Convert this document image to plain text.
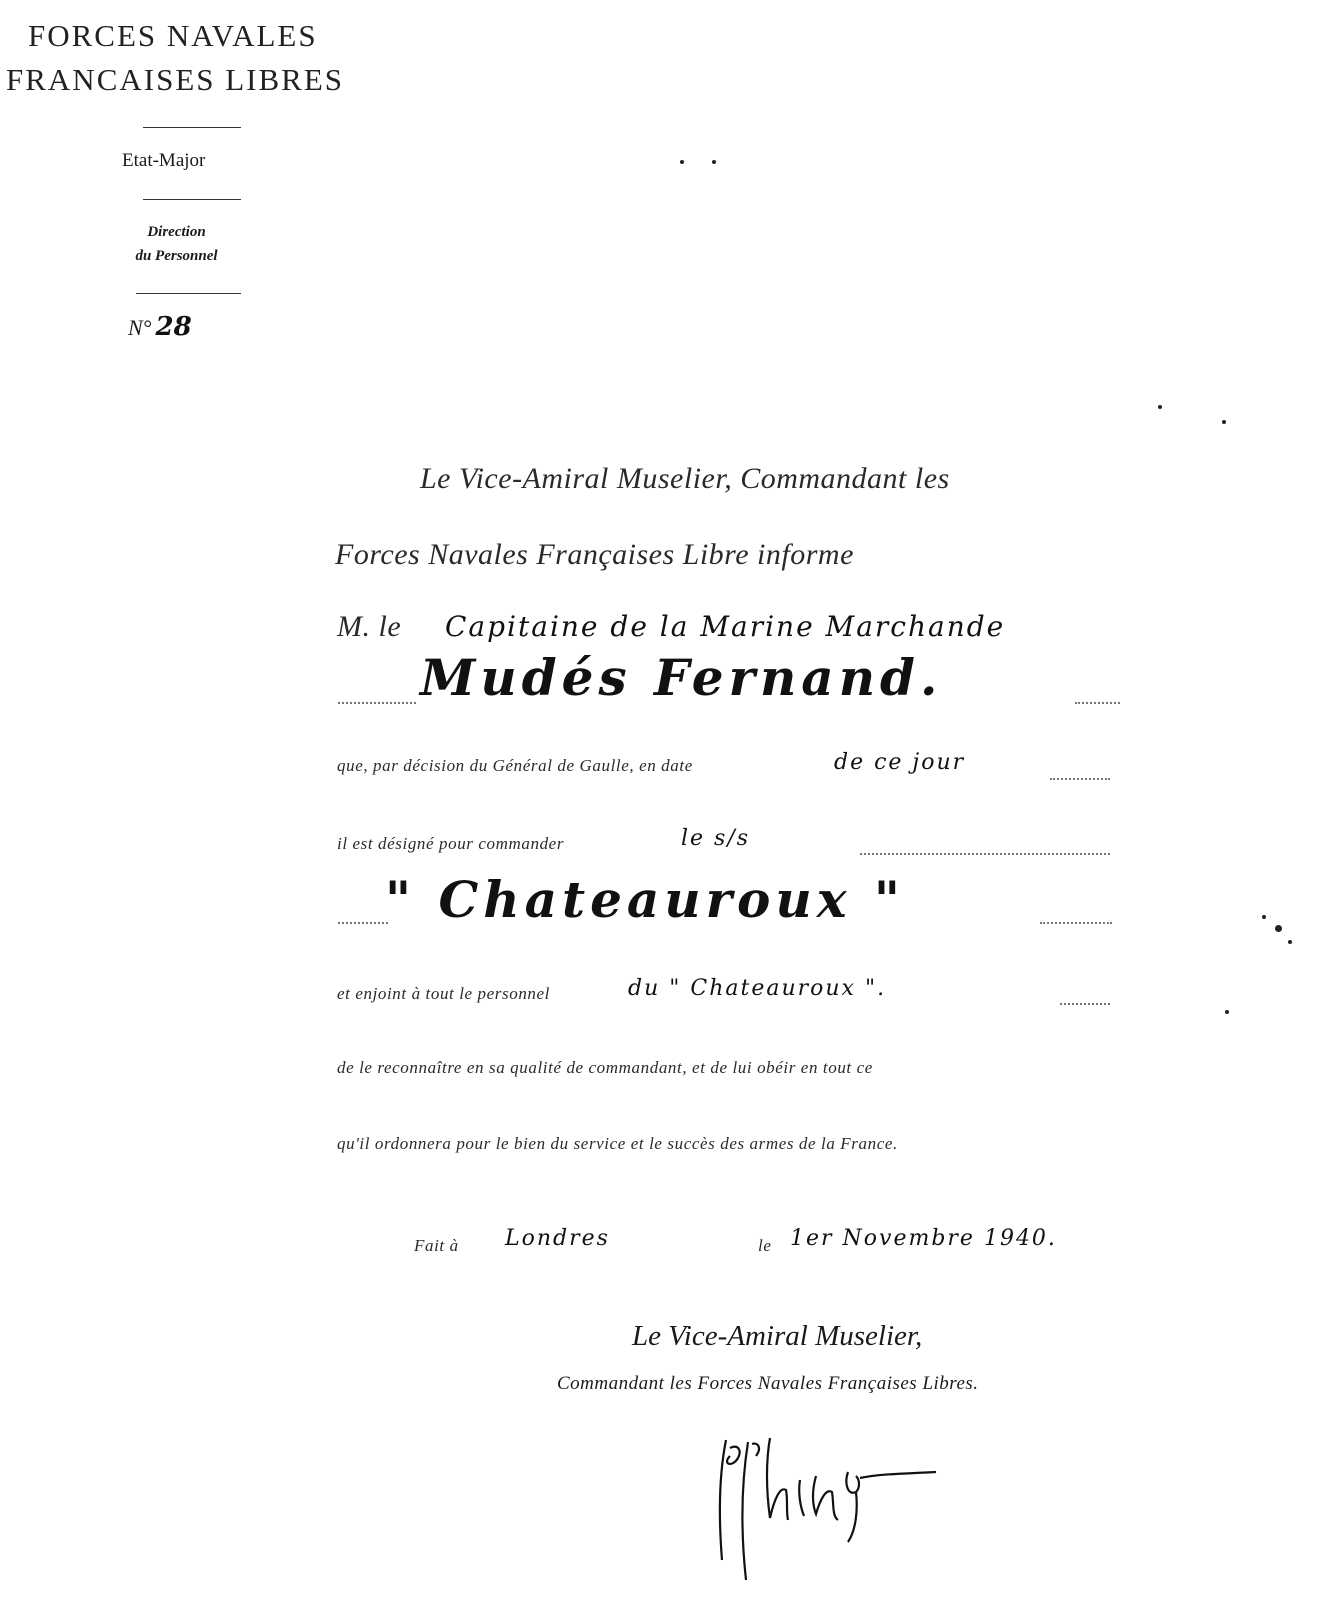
FORCES NAVALES
FRANCAISES LIBRES
Etat-Major
Direction
du Personnel
N° 28
Le Vice-Amiral Muselier, Commandant les
Forces Navales Françaises Libre informe
M. le Capitaine de la Marine Marchande
Mudés Fernand.
que, par décision du Général de Gaulle, en date	de ce jour
il est désigné pour commander	le s/s
" Chateauroux "
et enjoint à tout le personnel	du " Chateauroux ".
de le reconnaître en sa qualité de commandant, et de lui obéir en tout ce
qu'il ordonnera pour le bien du service et le succès des armes de la France.
Fait à Londres	le 1er Novembre 1940.
Le Vice-Amiral Muselier,
Commandant les Forces Navales Françaises Libres.
